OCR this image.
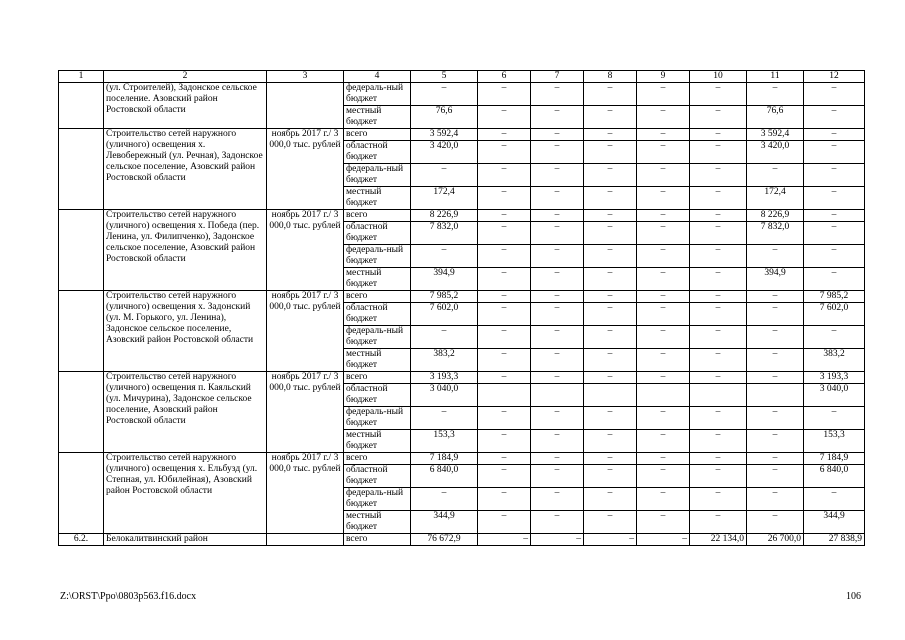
1	2	3	4	5	6	7	8	9	10	11	12
	(ул. Строителей), Задонское сельское поселение. Азовский район Ростовской области		федераль-ный бюджет	–	–	–	–	–	–	–	–
			местный бюджет	76,6	–	–	–	–	–	76,6	–
	Строительство сетей наружного (уличного) освещения х. Левобережный (ул. Речная), Задонское сельское поселение, Азовский район Ростовской области	ноябрь 2017 г./ 3 000,0 тыс. рублей	всего	3 592,4	–	–	–	–	–	3 592,4	–
			областной бюджет	3 420,0	–	–	–	–	–	3 420,0	–
			федераль-ный бюджет	–	–	–	–	–	–	–	–
			местный бюджет	172,4	–	–	–	–	–	172,4	–
	Строительство сетей наружного (уличного) освещения х. Победа (пер. Ленина, ул. Филипченко), Задонское сельское поселение, Азовский район Ростовской области	ноябрь 2017 г./ 3 000,0 тыс. рублей	всего	8 226,9	–	–	–	–	–	8 226,9	–
			областной бюджет	7 832,0	–	–	–	–	–	7 832,0	–
			федераль-ный бюджет	–	–	–	–	–	–	–	–
			местный бюджет	394,9	–	–	–	–	–	394,9	–
	Строительство сетей наружного (уличного) освещения х. Задонский (ул. М. Горького, ул. Ленина), Задонское сельское поселение, Азовский район Ростовской области	ноябрь 2017 г./ 3 000,0 тыс. рублей	всего	7 985,2	–	–	–	–	–	–	7 985,2
			областной бюджет	7 602,0	–	–	–	–	–	–	7 602,0
			федераль-ный бюджет	–	–	–	–	–	–	–	–
			местный бюджет	383,2	–	–	–	–	–	–	383,2
	Строительство сетей наружного (уличного) освещения п. Каяльский (ул. Мичурина), Задонское сельское поселение, Азовский район Ростовской области	ноябрь 2017 г./ 3 000,0 тыс. рублей	всего	3 193,3	–	–	–	–	–	–	3 193,3
			областной бюджет	3 040,0							3 040,0
			федераль-ный бюджет	–	–	–	–	–	–	–	–
			местный бюджет	153,3	–	–	–	–	–	–	153,3
	Строительство сетей наружного (уличного) освещения х. Ельбузд (ул. Степная, ул. Юбилейная), Азовский район Ростовской области	ноябрь 2017 г./ 3 000,0 тыс. рублей	всего	7 184,9	–	–	–	–	–	–	7 184,9
			областной бюджет	6 840,0	–	–	–	–	–	–	6 840,0
			федераль-ный бюджет	–	–	–	–	–	–	–	–
			местный бюджет	344,9	–	–	–	–	–	–	344,9
6.2.	Белокалитвинский район		всего	76 672,9	–	–	–	–	22 134,0	26 700,0	27 838,9
Z:\ORST\Ppo\0803p563.f16.docx	106
